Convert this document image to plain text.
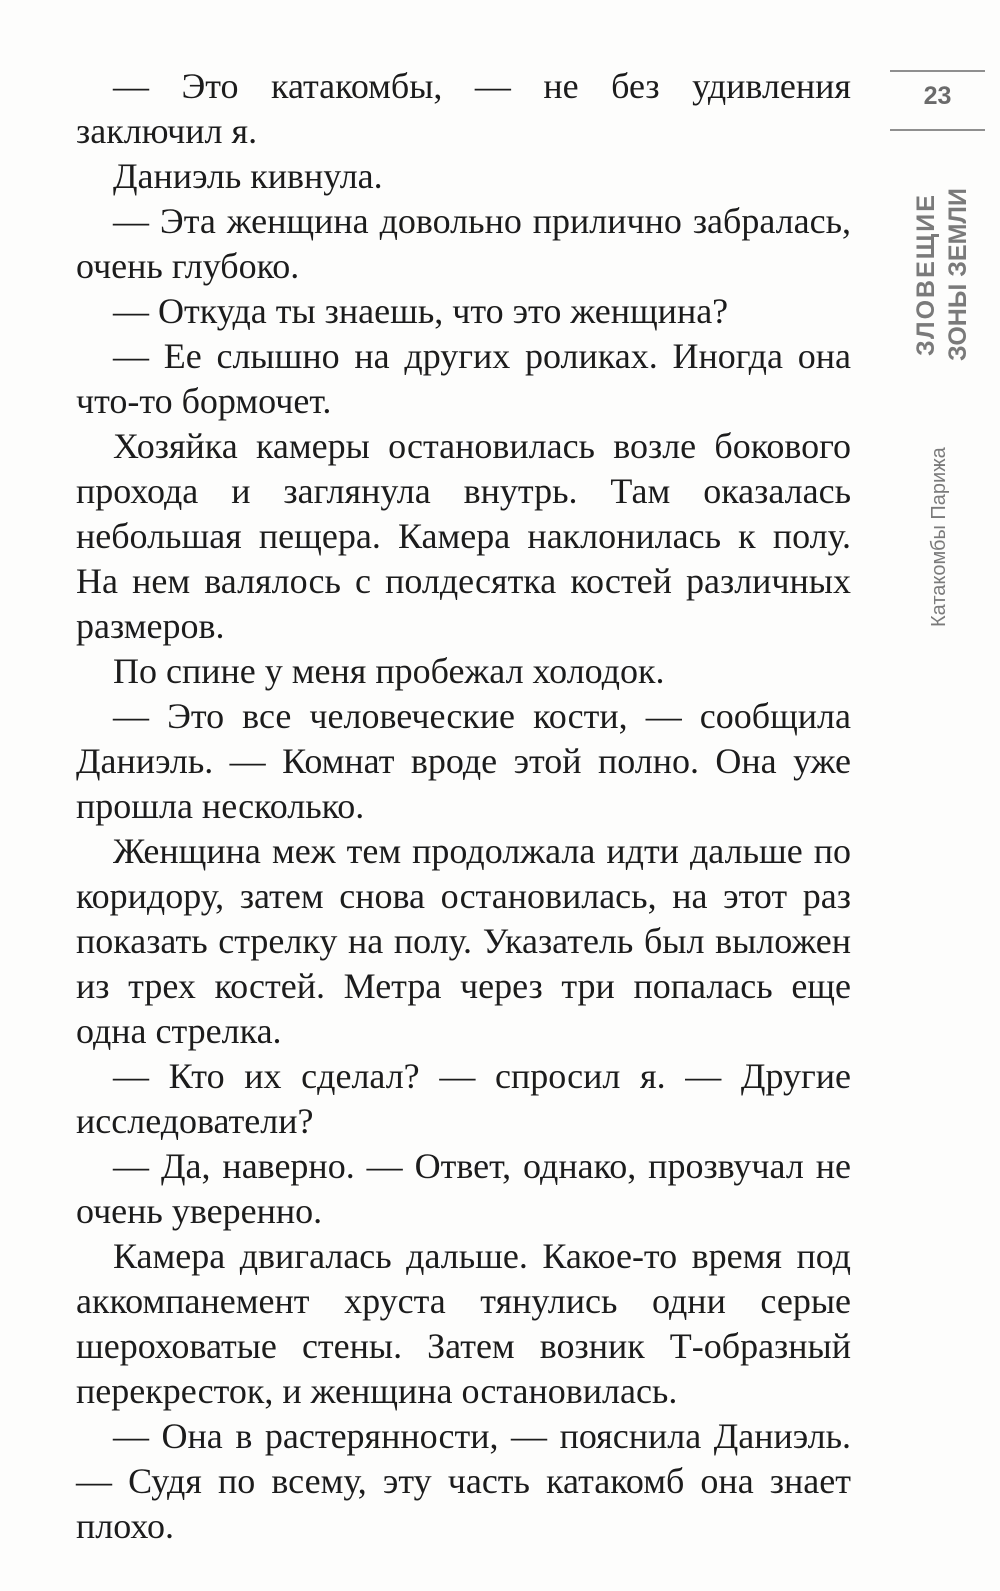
— Это катакомбы, — не без удивления заключил я.

Даниэль кивнула.

— Эта женщина довольно прилично забралась, очень глубоко.

— Откуда ты знаешь, что это женщина?

— Ее слышно на других роликах. Иногда она что-то бормочет.

Хозяйка камеры остановилась возле бокового прохода и заглянула внутрь. Там оказалась небольшая пещера. Камера наклонилась к полу. На нем валялось с полдесятка костей различных размеров.

По спине у меня пробежал холодок.

— Это все человеческие кости, — сообщила Даниэль. — Комнат вроде этой полно. Она уже прошла несколько.

Женщина меж тем продолжала идти дальше по коридору, затем снова остановилась, на этот раз показать стрелку на полу. Указатель был выложен из трех костей. Метра через три попалась еще одна стрелка.

— Кто их сделал? — спросил я. — Другие исследователи?

— Да, наверно. — Ответ, однако, прозвучал не очень уверенно.

Камера двигалась дальше. Какое-то время под аккомпанемент хруста тянулись одни серые шероховатые стены. Затем возник Т-образный перекресток, и женщина остановилась.

— Она в растерянности, — пояснила Даниэль. — Судя по всему, эту часть катакомб она знает плохо.

23
ЗЛОВЕЩИЕ ЗОНЫ ЗЕМЛИ
Катакомбы Парижа
